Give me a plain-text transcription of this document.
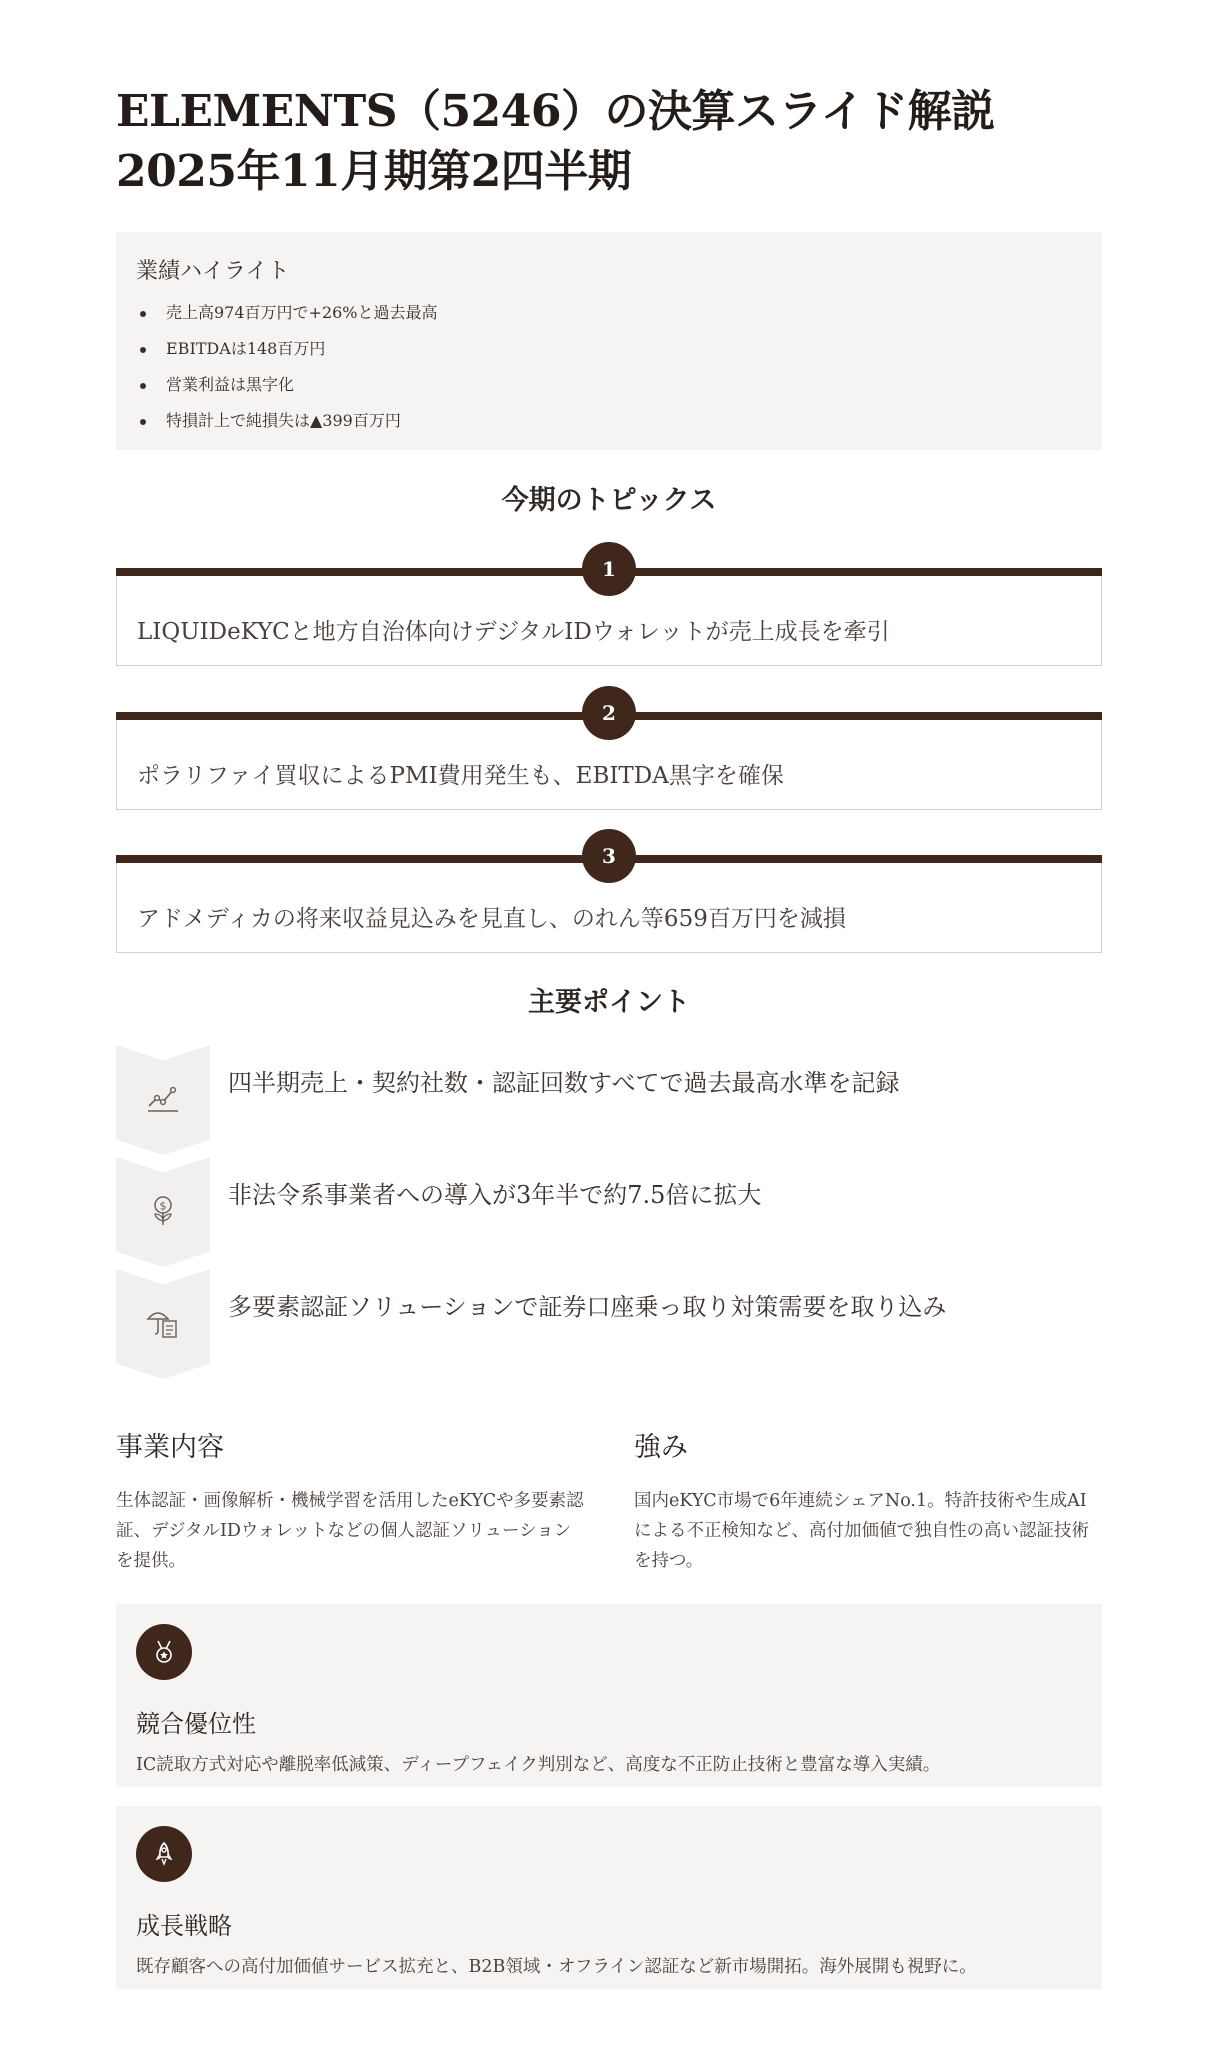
ELEMENTS（5246）の決算スライド解説
2025年11月期第2四半期
業績ハイライト
売上高974百万円で+26%と過去最高
EBITDAは148百万円
営業利益は黒字化
特損計上で純損失は▲399百万円
今期のトピックス
1
LIQUIDeKYCと地方自治体向けデジタルIDウォレットが売上成長を牽引
2
ポラリファイ買収によるPMI費用発生も、EBITDA黒字を確保
3
アドメディカの将来収益見込みを見直し、のれん等659百万円を減損
主要ポイント
四半期売上・契約社数・認証回数すべてで過去最高水準を記録
$	非法令系事業者への導入が3年半で約7.5倍に拡大
多要素認証ソリューションで証券口座乗っ取り対策需要を取り込み
事業内容
生体認証・画像解析・機械学習を活用したeKYCや多要素認証、デジタルIDウォレットなどの個人認証ソリューションを提供。
強み
国内eKYC市場で6年連続シェアNo.1。特許技術や生成AIによる不正検知など、高付加価値で独自性の高い認証技術を持つ。
競合優位性
IC読取方式対応や離脱率低減策、ディープフェイク判別など、高度な不正防止技術と豊富な導入実績。
成長戦略
既存顧客への高付加価値サービス拡充と、B2B領域・オフライン認証など新市場開拓。海外展開も視野に。
